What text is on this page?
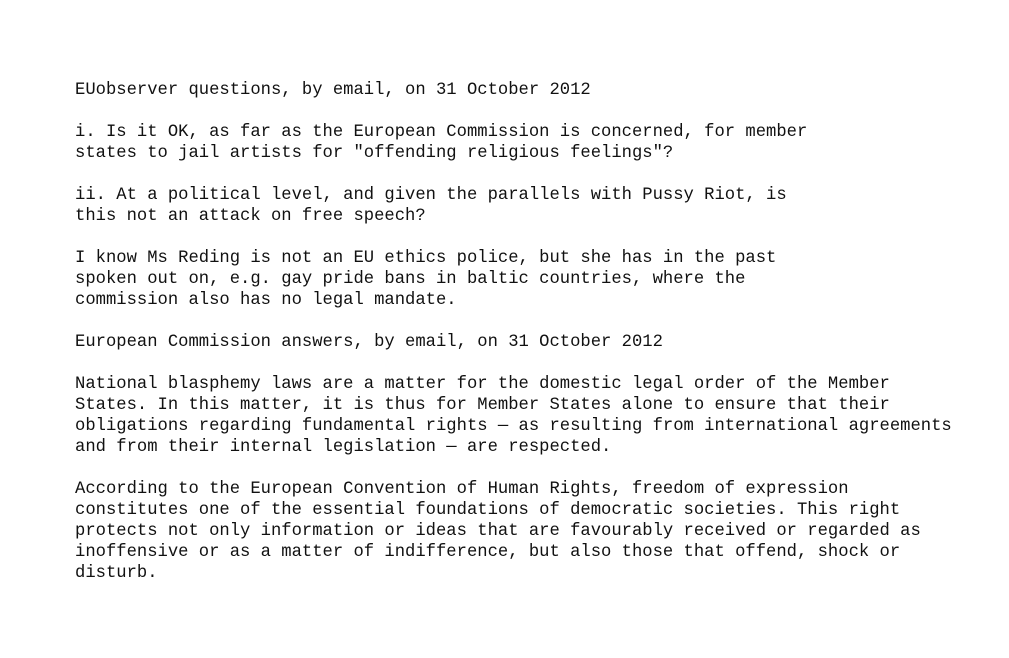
EUobserver questions, by email, on 31 October 2012
i. Is it OK, as far as the European Commission is concerned, for member
states to jail artists for "offending religious feelings"?
ii. At a political level, and given the parallels with Pussy Riot, is
this not an attack on free speech?
I know Ms Reding is not an EU ethics police, but she has in the past
spoken out on, e.g. gay pride bans in baltic countries, where the
commission also has no legal mandate.
European Commission answers, by email, on 31 October 2012
National blasphemy laws are a matter for the domestic legal order of the Member
States. In this matter, it is thus for Member States alone to ensure that their
obligations regarding fundamental rights — as resulting from international agreements
and from their internal legislation — are respected.
According to the European Convention of Human Rights, freedom of expression
constitutes one of the essential foundations of democratic societies. This right
protects not only information or ideas that are favourably received or regarded as
inoffensive or as a matter of indifference, but also those that offend, shock or
disturb.
